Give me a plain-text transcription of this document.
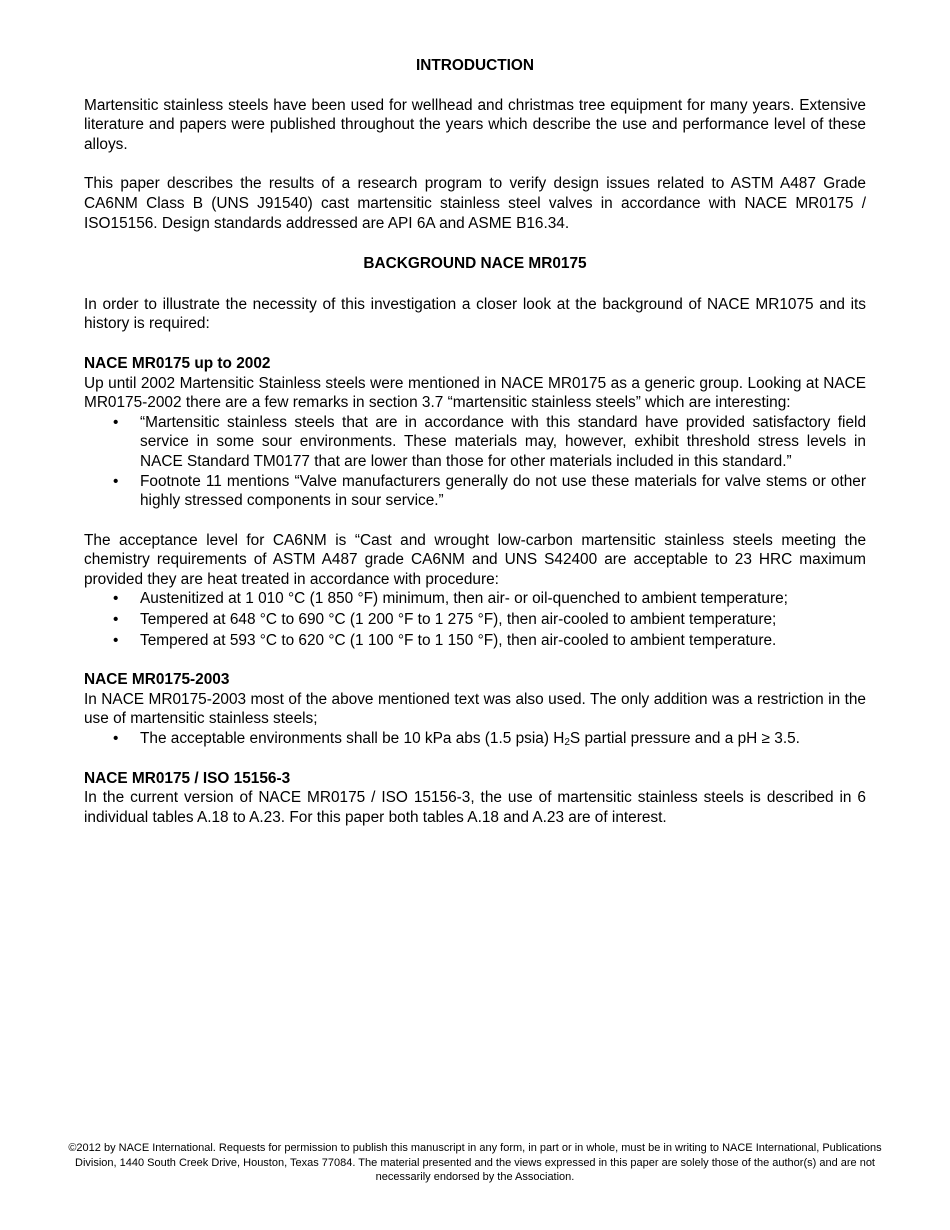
INTRODUCTION

Martensitic stainless steels have been used for wellhead and christmas tree equipment for many years. Extensive literature and papers were published throughout the years which describe the use and performance level of these alloys.

This paper describes the results of a research program to verify design issues related to ASTM A487 Grade CA6NM Class B (UNS J91540) cast martensitic stainless steel valves in accordance with NACE MR0175 / ISO15156. Design standards addressed are API 6A and ASME B16.34.

BACKGROUND NACE MR0175

In order to illustrate the necessity of this investigation a closer look at the background of NACE MR1075 and its history is required:

NACE MR0175 up to 2002

Up until 2002 Martensitic Stainless steels were mentioned in NACE MR0175 as a generic group. Looking at NACE MR0175-2002 there are a few remarks in section 3.7 “martensitic stainless steels” which are interesting:

• “Martensitic stainless steels that are in accordance with this standard have provided satisfactory field service in some sour environments. These materials may, however, exhibit threshold stress levels in NACE Standard TM0177 that are lower than those for other materials included in this standard.”
• Footnote 11 mentions “Valve manufacturers generally do not use these materials for valve stems or other highly stressed components in sour service.”

The acceptance level for CA6NM is “Cast and wrought low-carbon martensitic stainless steels meeting the chemistry requirements of ASTM A487 grade CA6NM and UNS S42400 are acceptable to 23 HRC maximum provided they are heat treated in accordance with procedure:

• Austenitized at 1 010 °C (1 850 °F) minimum, then air- or oil-quenched to ambient temperature;
• Tempered at 648 °C to 690 °C (1 200 °F to 1 275 °F), then air-cooled to ambient temperature;
• Tempered at 593 °C to 620 °C (1 100 °F to 1 150 °F), then air-cooled to ambient temperature.

NACE MR0175-2003

In NACE MR0175-2003 most of the above mentioned text was also used. The only addition was a restriction in the use of martensitic stainless steels;

• The acceptable environments shall be 10 kPa abs (1.5 psia) $H_2S$ partial pressure and a pH ≥ 3.5.

NACE MR0175 / ISO 15156-3

In the current version of NACE MR0175 / ISO 15156-3, the use of martensitic stainless steels is described in 6 individual tables A.18 to A.23. For this paper both tables A.18 and A.23 are of interest.

©2012 by NACE International. Requests for permission to publish this manuscript in any form, in part or in whole, must be in writing to NACE International, Publications Division, 1440 South Creek Drive, Houston, Texas 77084. The material presented and the views expressed in this paper are solely those of the author(s) and are not necessarily endorsed by the Association.
